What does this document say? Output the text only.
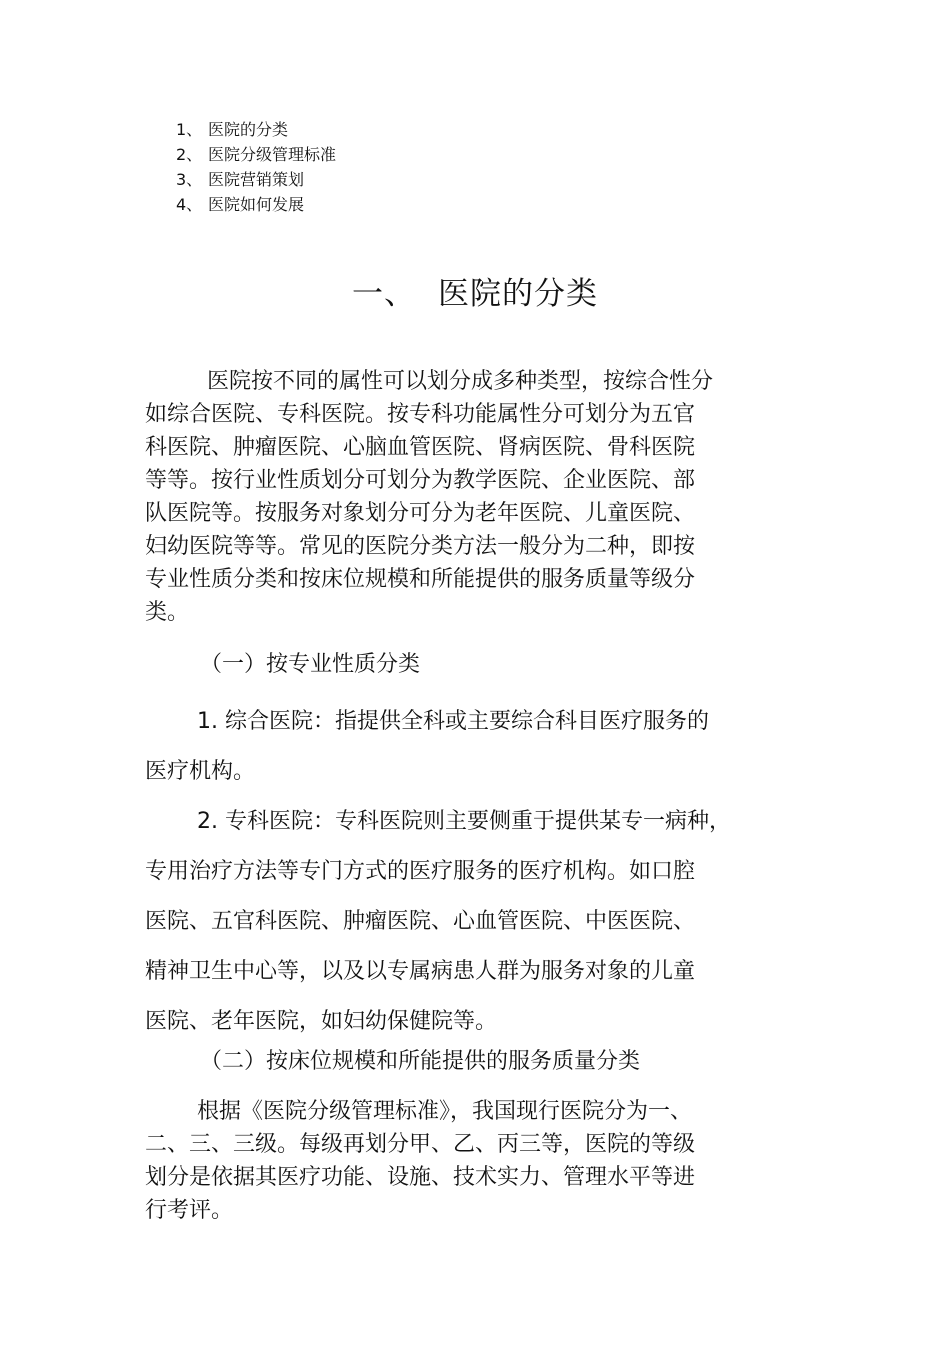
1、 医院的分类
2、 医院分级管理标准
3、 医院营销策划
4、 医院如何发展
一、 医院的分类
医院按不同的属性可以划分成多种类型，按综合性分
如综合医院、专科医院。按专科功能属性分可划分为五官
科医院、肿瘤医院、心脑血管医院、肾病医院、骨科医院
等等。按行业性质划分可划分为教学医院、企业医院、部
队医院等。按服务对象划分可分为老年医院、儿童医院、
妇幼医院等等。常见的医院分类方法一般分为二种，即按
专业性质分类和按床位规模和所能提供的服务质量等级分
类。
（一）按专业性质分类
1. 综合医院：指提供全科或主要综合科目医疗服务的
医疗机构。
2. 专科医院：专科医院则主要侧重于提供某专一病种，
专用治疗方法等专门方式的医疗服务的医疗机构。如口腔
医院、五官科医院、肿瘤医院、心血管医院、中医医院、
精神卫生中心等，以及以专属病患人群为服务对象的儿童
医院、老年医院，如妇幼保健院等。
（二）按床位规模和所能提供的服务质量分类
根据《医院分级管理标准》，我国现行医院分为一、
二、三、三级。每级再划分甲、乙、丙三等，医院的等级
划分是依据其医疗功能、设施、技术实力、管理水平等进
行考评。
